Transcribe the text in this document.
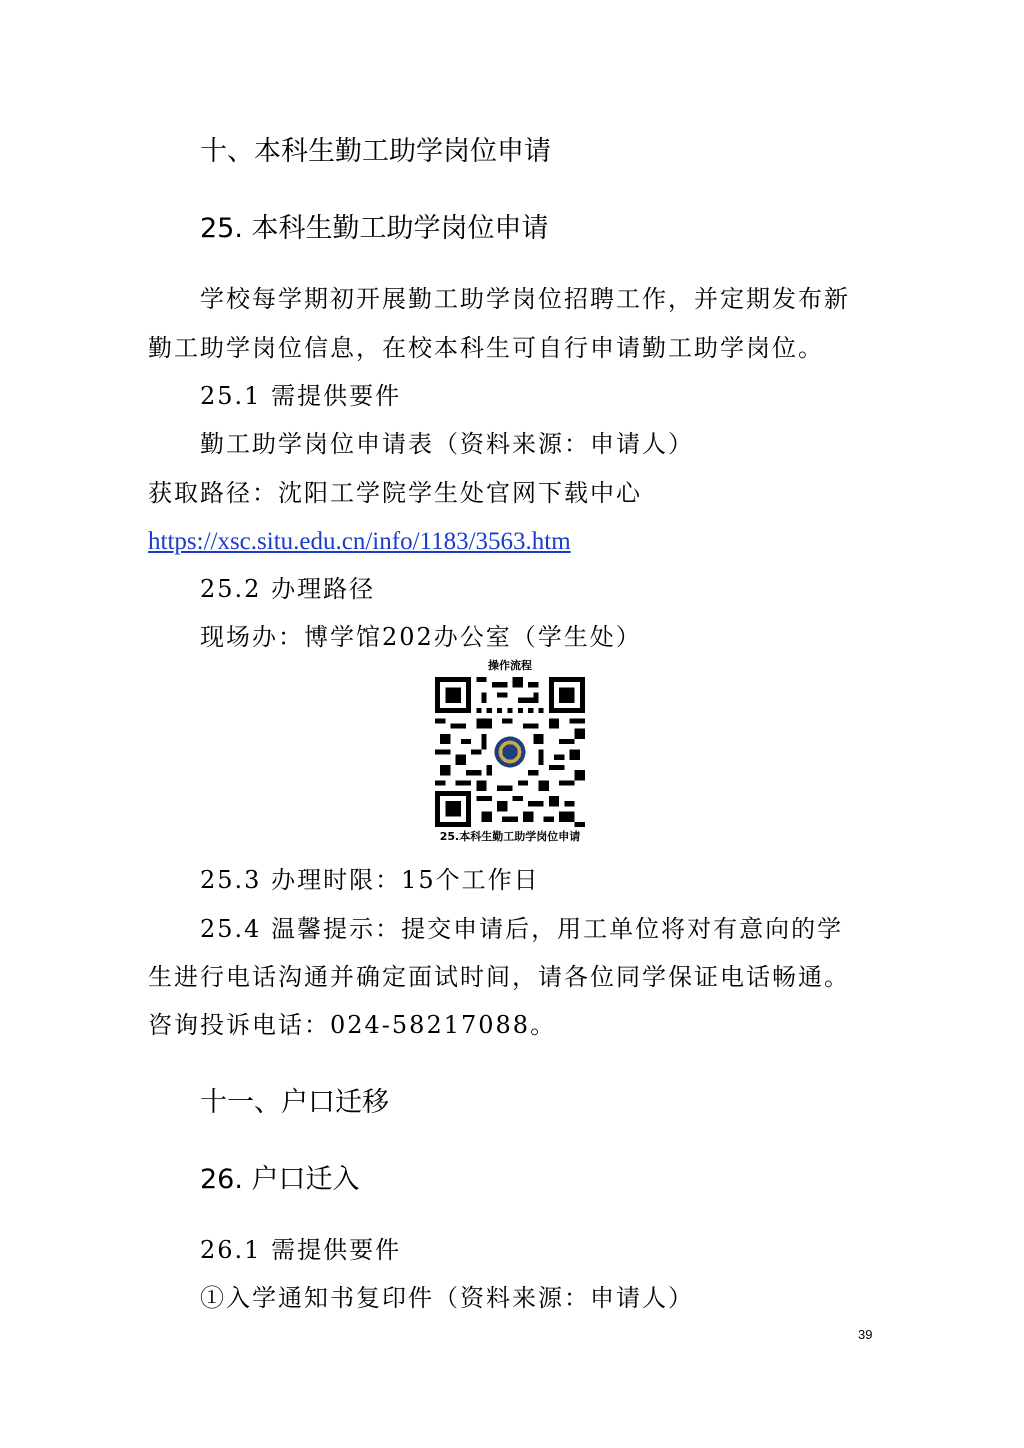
十、本科生勤工助学岗位申请
25. 本科生勤工助学岗位申请
学校每学期初开展勤工助学岗位招聘工作，并定期发布新
勤工助学岗位信息，在校本科生可自行申请勤工助学岗位。
25.1 需提供要件
勤工助学岗位申请表（资料来源：申请人）
获取路径：沈阳工学院学生处官网下载中心
https://xsc.situ.edu.cn/info/1183/3563.htm
25.2 办理路径
现场办：博学馆202办公室（学生处）
操作流程
25.本科生勤工助学岗位申请
25.3 办理时限：15个工作日
25.4 温馨提示：提交申请后，用工单位将对有意向的学
生进行电话沟通并确定面试时间，请各位同学保证电话畅通。
咨询投诉电话：024-58217088。
十一、户口迁移
26. 户口迁入
26.1 需提供要件
①入学通知书复印件（资料来源：申请人）
39
